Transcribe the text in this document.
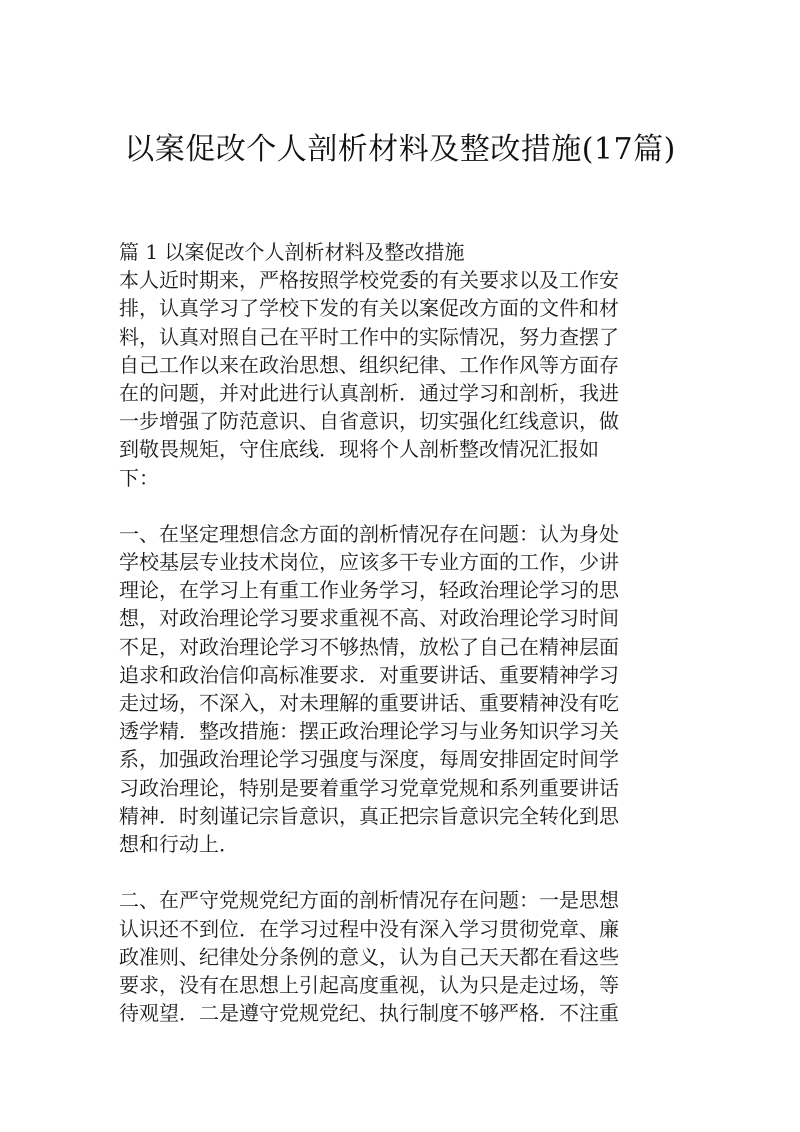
以案促改个人剖析材料及整改措施(17篇)
篇 1 以案促改个人剖析材料及整改措施
本人近时期来，严格按照学校党委的有关要求以及工作安
排，认真学习了学校下发的有关以案促改方面的文件和材
料，认真对照自己在平时工作中的实际情况，努力查摆了
自己工作以来在政治思想、组织纪律、工作作风等方面存
在的问题，并对此进行认真剖析．通过学习和剖析，我进
一步增强了防范意识、自省意识，切实强化红线意识，做
到敬畏规矩，守住底线．现将个人剖析整改情况汇报如
下：
一、在坚定理想信念方面的剖析情况存在问题：认为身处
学校基层专业技术岗位，应该多干专业方面的工作，少讲
理论，在学习上有重工作业务学习，轻政治理论学习的思
想，对政治理论学习要求重视不高、对政治理论学习时间
不足，对政治理论学习不够热情，放松了自己在精神层面
追求和政治信仰高标准要求．对重要讲话、重要精神学习
走过场，不深入，对未理解的重要讲话、重要精神没有吃
透学精．整改措施：摆正政治理论学习与业务知识学习关
系，加强政治理论学习强度与深度，每周安排固定时间学
习政治理论，特别是要着重学习党章党规和系列重要讲话
精神．时刻谨记宗旨意识，真正把宗旨意识完全转化到思
想和行动上．
二、在严守党规党纪方面的剖析情况存在问题：一是思想
认识还不到位．在学习过程中没有深入学习贯彻党章、廉
政准则、纪律处分条例的意义，认为自己天天都在看这些
要求，没有在思想上引起高度重视，认为只是走过场，等
待观望．二是遵守党规党纪、执行制度不够严格．不注重
